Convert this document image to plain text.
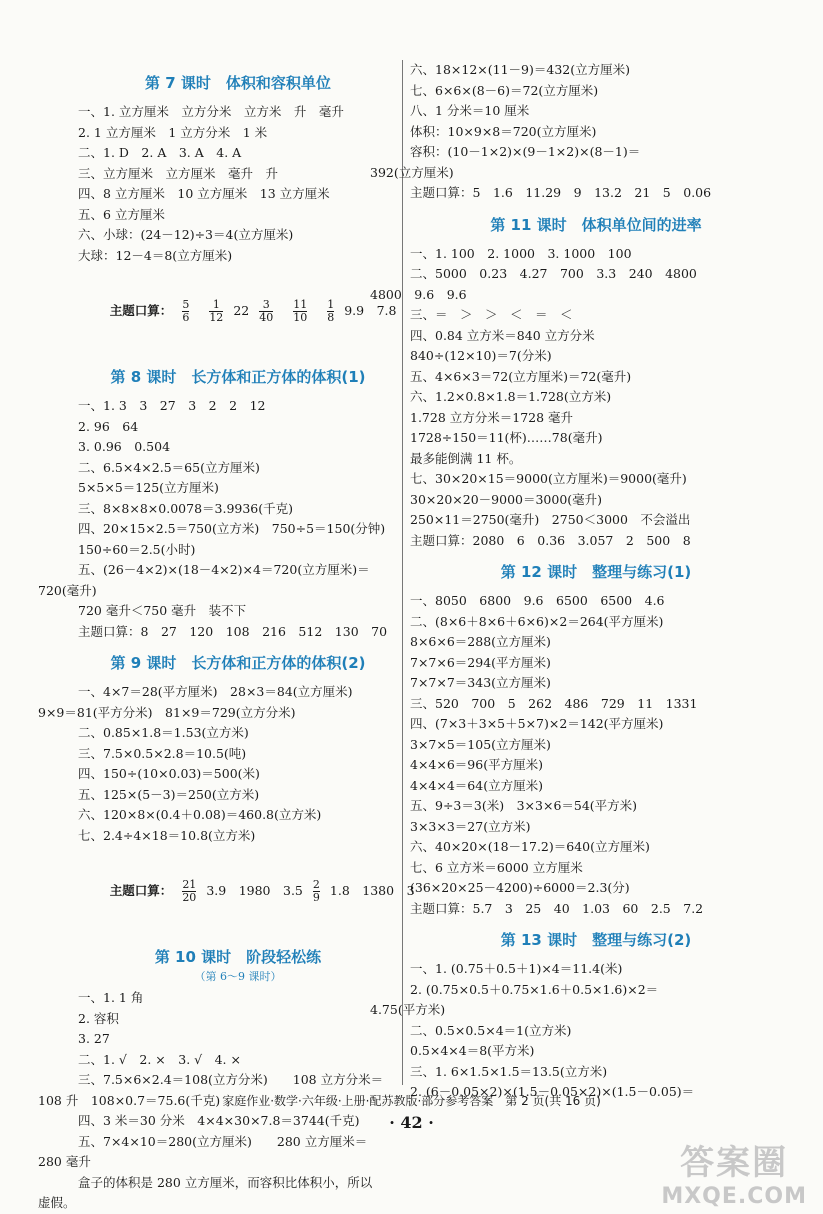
第 7 课时　体积和容积单位
一、1. 立方厘米　立方分米　立方米　升　毫升
2. 1 立方厘米　1 立方分米　1 米
二、1. D　2. A　3. A　4. A
三、立方厘米　立方厘米　毫升　升
四、8 立方厘米　10 立方厘米　13 立方厘米
五、6 立方厘米
六、小球：(24－12)÷3＝4(立方厘米)
大球：12－4＝8(立方厘米)

主题口算： $\frac{5}{6} \frac{1}{12} 22 \frac{3}{40} \frac{11}{10} \frac{1}{8} 9.9$　7.8

第 8 课时　长方体和正方体的体积(1)
一、1. 3　3　27　3　2　2　12
2. 96　64
3. 0.96　0.504
二、6.5×4×2.5＝65(立方厘米)
5×5×5＝125(立方厘米)
三、8×8×8×0.0078＝3.9936(千克)
四、20×15×2.5＝750(立方米)　750÷5＝150(分钟)
150÷60＝2.5(小时)
五、(26－4×2)×(18－4×2)×4＝720(立方厘米)＝
720(毫升)
720 毫升＜750 毫升　装不下
主题口算：8　27　120　108　216　512　130　70
第 9 课时　长方体和正方体的体积(2)
一、4×7＝28(平方厘米)　28×3＝84(立方厘米)
9×9＝81(平方分米)　81×9＝729(立方分米)
二、0.85×1.8＝1.53(立方米)
三、7.5×0.5×2.8＝10.5(吨)
四、150÷(10×0.03)＝500(米)
五、125×(5－3)＝250(立方米)
六、120×8×(0.4＋0.08)＝460.8(立方米)
七、2.4÷4×18＝10.8(立方米)

主题口算： $\frac{21}{20} 3.9$　1980　$3.5 \frac{2}{9} 1.8$　1380　3

第 10 课时　阶段轻松练
（第 6～9 课时）
一、1. 1 角
2. 容积
3. 27
二、1. √　2. ×　3. √　4. ×
三、7.5×6×2.4＝108(立方分米)　　108 立方分米＝
108 升　108×0.7＝75.6(千克)
四、3 米＝30 分米　4×4×30×7.8＝3744(千克)
五、7×4×10＝280(立方厘米)　　280 立方厘米＝
280 毫升
盒子的体积是 280 立方厘米，而容积比体积小，所以
虚假。
六、18×12×(11－9)＝432(立方厘米)
七、6×6×(8－6)＝72(立方厘米)
八、1 分米＝10 厘米
体积：10×9×8＝720(立方厘米)
容积：(10－1×2)×(9－1×2)×(8－1)＝
392(立方厘米)
主题口算：5　1.6　11.29　9　13.2　21　5　0.06
第 11 课时　体积单位间的进率
一、1. 100　2. 1000　3. 1000　100
二、5000　0.23　4.27　700　3.3　240　4800
4800　9.6　9.6
三、＝　＞　＞　＜　＝　＜
四、0.84 立方米＝840 立方分米
840÷(12×10)＝7(分米)
五、4×6×3＝72(立方厘米)＝72(毫升)
六、1.2×0.8×1.8＝1.728(立方米)
1.728 立方分米＝1728 毫升
1728÷150＝11(杯)……78(毫升)
最多能倒满 11 杯。
七、30×20×15＝9000(立方厘米)＝9000(毫升)
30×20×20－9000＝3000(毫升)
250×11＝2750(毫升)　2750＜3000　不会溢出
主题口算：2080　6　0.36　3.057　2　500　8
第 12 课时　整理与练习(1)
一、8050　6800　9.6　6500　6500　4.6
二、(8×6＋8×6＋6×6)×2＝264(平方厘米)
8×6×6＝288(立方厘米)
7×7×6＝294(平方厘米)
7×7×7＝343(立方厘米)
三、520　700　5　262　486　729　11　1331
四、(7×3＋3×5＋5×7)×2＝142(平方厘米)
3×7×5＝105(立方厘米)
4×4×6＝96(平方厘米)
4×4×4＝64(立方厘米)
五、9÷3＝3(米)　3×3×6＝54(平方米)
3×3×3＝27(立方米)
六、40×20×(18－17.2)＝640(立方厘米)
七、6 立方米＝6000 立方厘米
(36×20×25－4200)÷6000＝2.3(分)
主题口算：5.7　3　25　40　1.03　60　2.5　7.2
第 13 课时　整理与练习(2)
一、1. (0.75＋0.5＋1)×4＝11.4(米)
2. (0.75×0.5＋0.75×1.6＋0.5×1.6)×2＝
4.75(平方米)
二、0.5×0.5×4＝1(立方米)
0.5×4×4＝8(平方米)
三、1. 6×1.5×1.5＝13.5(立方米)
2. (6－0.05×2)×(1.5－0.05×2)×(1.5－0.05)＝
家庭作业·数学·六年级·上册·配苏教版·部分参考答案　第 2 页(共 16 页)
· 42 ·
答案圈
MXQE.COM
